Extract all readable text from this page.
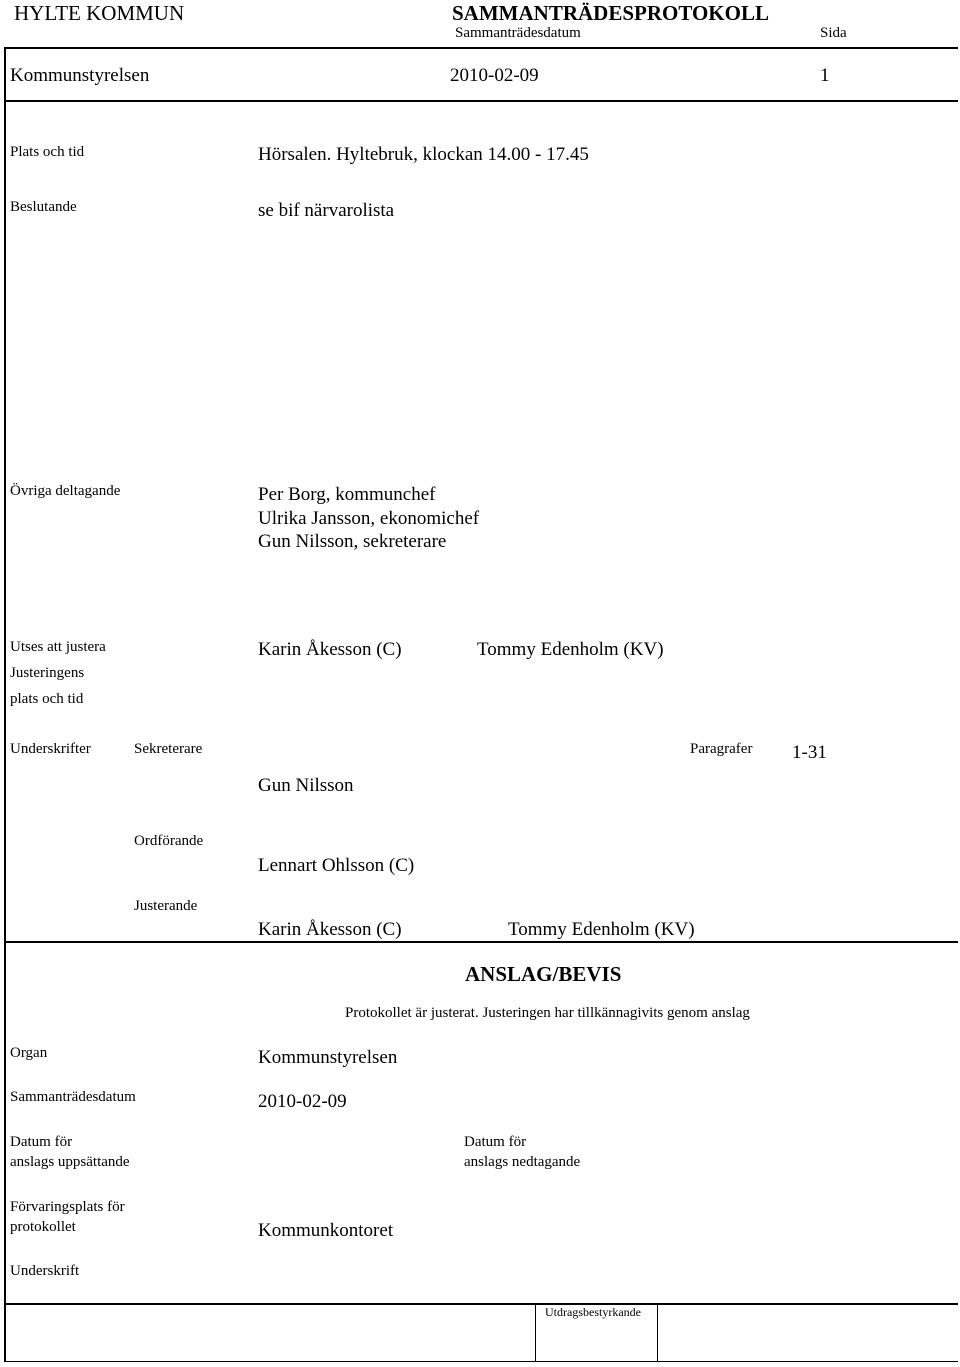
HYLTE KOMMUN	SAMMANTRÄDESPROTOKOLL
Sammanträdesdatum	Sida
Kommunstyrelsen	2010-02-09	1
Plats och tid	Hörsalen. Hyltebruk, klockan 14.00 - 17.45
Beslutande	se bif närvarolista
Övriga deltagande	Per Borg, kommunchef
Ulrika Jansson, ekonomichef
Gun Nilsson, sekreterare
Utses att justera	Karin Åkesson (C)	Tommy Edenholm (KV)
Justeringens
plats och tid
Underskrifter	Sekreterare	Paragrafer 1-31
Gun Nilsson
Ordförande
Lennart Ohlsson (C)
Justerande
Karin Åkesson (C)	Tommy Edenholm (KV)
ANSLAG/BEVIS
Protokollet är justerat. Justeringen har tillkännagivits genom anslag
Organ	Kommunstyrelsen
Sammanträdesdatum	2010-02-09
Datum för
anslags uppsättande
Datum för
anslags nedtagande
Förvaringsplats för
protokollet	Kommunkontoret
Underskrift
Utdragsbestyrkande
